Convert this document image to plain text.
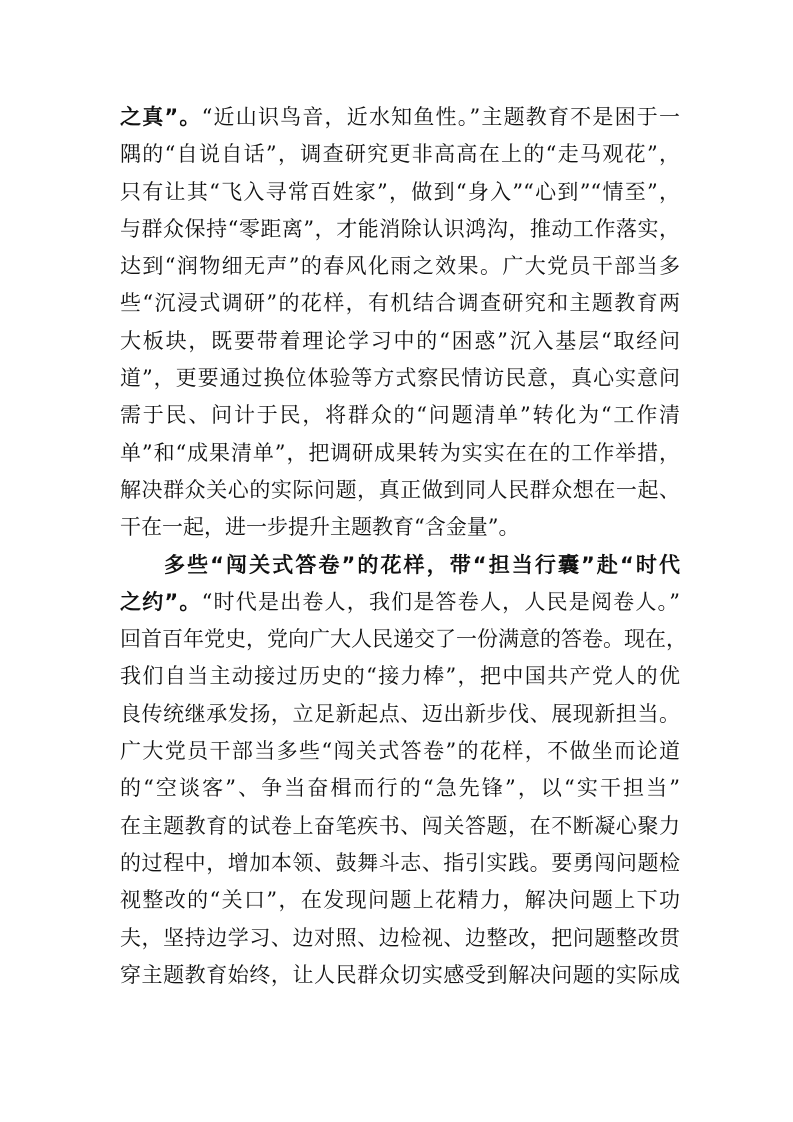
之真”。“近山识鸟音，近水知鱼性。”主题教育不是困于一
隅的“自说自话”，调查研究更非高高在上的“走马观花”，
只有让其“飞入寻常百姓家”，做到“身入”“心到”“情至”，
与群众保持“零距离”，才能消除认识鸿沟，推动工作落实，
达到“润物细无声”的春风化雨之效果。广大党员干部当多
些“沉浸式调研”的花样，有机结合调查研究和主题教育两
大板块，既要带着理论学习中的“困惑”沉入基层“取经问
道”，更要通过换位体验等方式察民情访民意，真心实意问
需于民、问计于民，将群众的“问题清单”转化为“工作清
单”和“成果清单”，把调研成果转为实实在在的工作举措，
解决群众关心的实际问题，真正做到同人民群众想在一起、
干在一起，进一步提升主题教育“含金量”。
多些“闯关式答卷”的花样，带“担当行囊”赴“时代
之约”。“时代是出卷人，我们是答卷人，人民是阅卷人。”
回首百年党史，党向广大人民递交了一份满意的答卷。现在，
我们自当主动接过历史的“接力棒”，把中国共产党人的优
良传统继承发扬，立足新起点、迈出新步伐、展现新担当。
广大党员干部当多些“闯关式答卷”的花样，不做坐而论道
的“空谈客”、争当奋楫而行的“急先锋”，以“实干担当”
在主题教育的试卷上奋笔疾书、闯关答题，在不断凝心聚力
的过程中，增加本领、鼓舞斗志、指引实践。要勇闯问题检
视整改的“关口”，在发现问题上花精力，解决问题上下功
夫，坚持边学习、边对照、边检视、边整改，把问题整改贯
穿主题教育始终，让人民群众切实感受到解决问题的实际成
